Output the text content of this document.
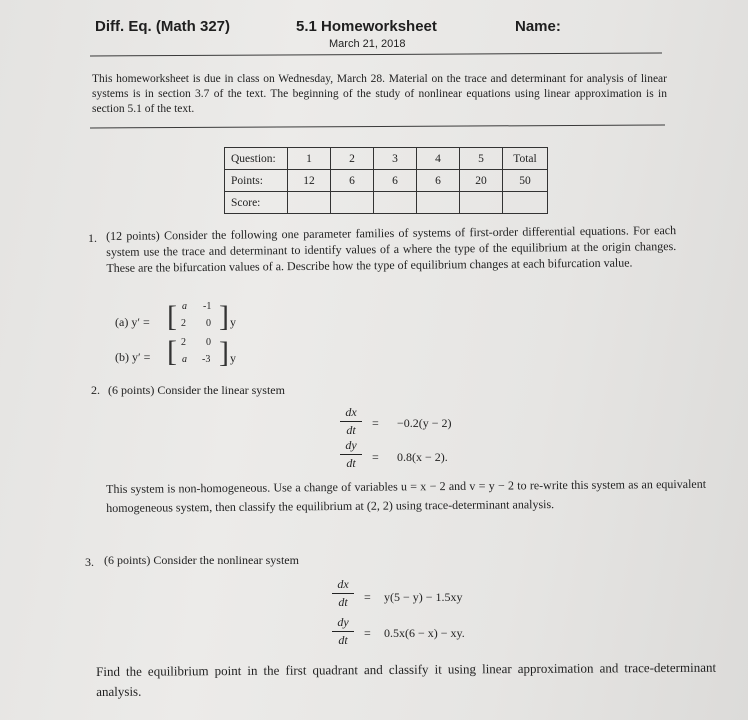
Diff. Eq. (Math 327)	5.1 Homeworksheet
March 21, 2018
Name:
This homeworksheet is due in class on Wednesday, March 28. Material on the trace and determinant for analysis of linear systems is in section 3.7 of the text. The beginning of the study of nonlinear equations using linear approximation is in section 5.1 of the text.
Question:	1	2	3	4	5	Total
Points:	12	6	6	6	20	50
Score:						
1. (12 points) Consider the following one parameter families of systems of first-order differential equations. For each system use the trace and determinant to identify values of a where the type of the equilibrium at the origin changes. These are the bifurcation values of a. Describe how the type of equilibrium changes at each bifurcation value.
(a) y′ = [ a -1
2 0 ] y
(b) y′ = [ 2 0
a -3 ] y
2. (6 points) Consider the linear system
$\frac{dx}{dt} = -0.2(y - 2)$
$\frac{dy}{dt} = 0.8(x - 2)$.
This system is non-homogeneous. Use a change of variables u = x − 2 and v = y − 2 to re-write this system as an equivalent homogeneous system, then classify the equilibrium at (2, 2) using trace-determinant analysis.
3. (6 points) Consider the nonlinear system
$\frac{dx}{dt} = y(5 - y) - 1.5xy$
$\frac{dy}{dt} = 0.5x(6 - x)$ − xy.
Find the equilibrium point in the first quadrant and classify it using linear approximation and trace-determinant analysis.
